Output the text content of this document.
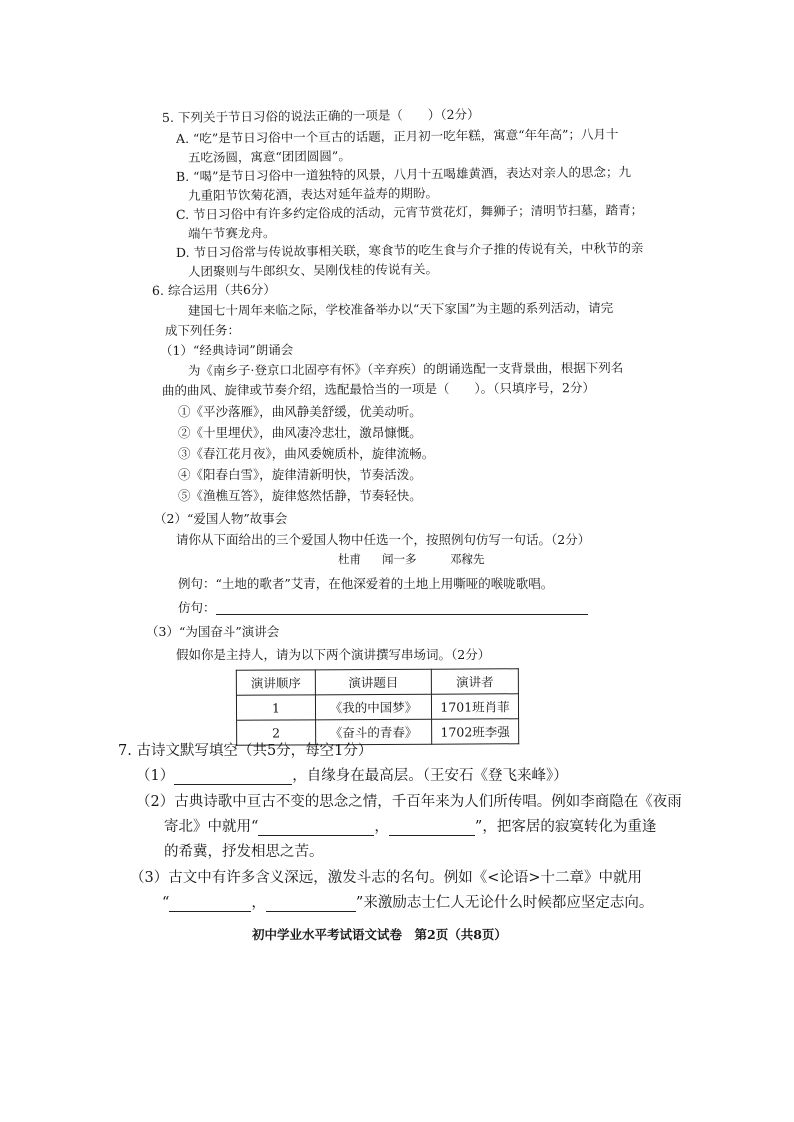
5. 下列关于节日习俗的说法正确的一项是（　　）（2分）
A. “吃”是节日习俗中一个亘古的话题，正月初一吃年糕，寓意“年年高”；八月十
五吃汤圆，寓意“团团圆圆”。
B. “喝”是节日习俗中一道独特的风景，八月十五喝雄黄酒，表达对亲人的思念；九
九重阳节饮菊花酒，表达对延年益寿的期盼。
C. 节日习俗中有许多约定俗成的活动，元宵节赏花灯，舞狮子；清明节扫墓，踏青；
端午节赛龙舟。
D. 节日习俗常与传说故事相关联，寒食节的吃生食与介子推的传说有关，中秋节的亲
人团聚则与牛郎织女、吴刚伐桂的传说有关。
6. 综合运用（共6分）
建国七十周年来临之际，学校准备举办以“天下家国”为主题的系列活动，请完
成下列任务：
（1）“经典诗词”朗诵会
为《南乡子·登京口北固亭有怀》（辛弃疾）的朗诵选配一支背景曲，根据下列名
曲的曲风、旋律或节奏介绍，选配最恰当的一项是（　　）。（只填序号，2分）
①《平沙落雁》，曲风静美舒缓，优美动听。
②《十里埋伏》，曲风凄冷悲壮，激昂慷慨。
③《春江花月夜》，曲风委婉质朴，旋律流畅。
④《阳春白雪》，旋律清新明快，节奏活泼。
⑤《渔樵互答》，旋律悠然恬静，节奏轻快。
（2）“爱国人物”故事会
请你从下面给出的三个爱国人物中任选一个，按照例句仿写一句话。（2分）
杜甫 闻一多	邓稼先
例句：“土地的歌者”艾青，在他深爱着的土地上用嘶哑的喉咙歌唱。
仿句：
（3）“为国奋斗”演讲会
假如你是主持人，请为以下两个演讲撰写串场词。（2分）
演讲顺序	演讲题目	演讲者
1	《我的中国梦》	1701班肖菲
2	《奋斗的青春》	1702班李强
7. 古诗文默写填空（共5分，每空1分）
（1）	，自缘身在最高层。（王安石《登飞来峰》）
（2）古典诗歌中亘古不变的思念之情，千百年来为人们所传唱。例如李商隐在《夜雨
寄北》中就用“	，	”，把客居的寂寞转化为重逢
的希冀，抒发相思之苦。
（3）古文中有许多含义深远，激发斗志的名句。例如《<论语>十二章》中就用
“	，	”来激励志士仁人无论什么时候都应坚定志向。
初中学业水平考试语文试卷　第2页（共8页）
